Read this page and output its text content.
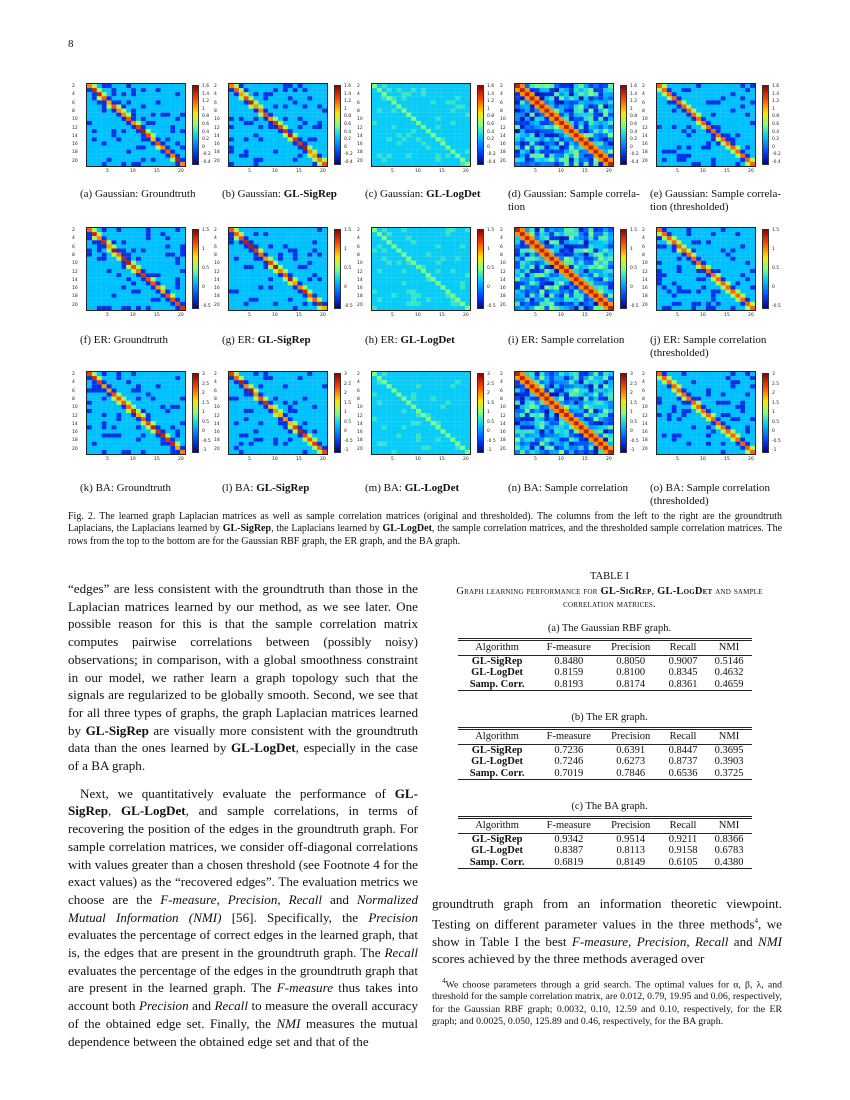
8
2
4
6
8
10
12
14
16
18
20
5	10	15	20
1.6
1.4
1.2
1
0.8
0.6
0.4
0.2
0
-0.2
-0.4
(a) Gaussian: Groundtruth
2
4
6
8
10
12
14
16
18
20
5	10	15	20
1.6
1.4
1.2
1
0.8
0.6
0.4
0.2
0
-0.2
-0.4
(b) Gaussian: GL-SigRep
2
4
6
8
10
12
14
16
18
20
5	10	15	20
1.6
1.4
1.2
1
0.8
0.6
0.4
0.2
0
-0.2
-0.4
(c) Gaussian: GL-LogDet
2
4
6
8
10
12
14
16
18
20
5	10	15	20
1.6
1.4
1.2
1
0.8
0.6
0.4
0.2
0
-0.2
-0.4
(d) Gaussian: Sample correla- tion
2
4
6
8
10
12
14
16
18
20
5	10	15	20
1.6
1.4
1.2
1
0.8
0.6
0.4
0.2
0
-0.2
-0.4
(e) Gaussian: Sample correla- tion (thresholded)
2
4
6
8
10
12
14
16
18
20
5	10	15	20
1.5
1
0.5
0
-0.5
(f) ER: Groundtruth
2
4
6
8
10
12
14
16
18
20
5	10	15	20
1.5
1
0.5
0
-0.5
(g) ER: GL-SigRep
2
4
6
8
10
12
14
16
18
20
5	10	15	20
1.5
1
0.5
0
-0.5
(h) ER: GL-LogDet
2
4
6
8
10
12
14
16
18
20
5	10	15	20
1.5
1
0.5
0
-0.5
(i) ER: Sample correlation
2
4
6
8
10
12
14
16
18
20
5	10	15	20
1.5
1
0.5
0
-0.5
(j) ER: Sample correlation (thresholded)
2
4
6
8
10
12
14
16
18
20
5	10	15	20
3
2.5
2
1.5
1
0.5
0
-0.5
-1
(k) BA: Groundtruth
2
4
6
8
10
12
14
16
18
20
5	10	15	20
3
2.5
2
1.5
1
0.5
0
-0.5
-1
(l) BA: GL-SigRep
2
4
6
8
10
12
14
16
18
20
5	10	15	20
3
2.5
2
1.5
1
0.5
0
-0.5
-1
(m) BA: GL-LogDet
2
4
6
8
10
12
14
16
18
20
5	10	15	20
3
2.5
2
1.5
1
0.5
0
-0.5
-1
(n) BA: Sample correlation
2
4
6
8
10
12
14
16
18
20
5	10	15	20
3
2.5
2
1.5
1
0.5
0
-0.5
-1
(o) BA: Sample correlation (thresholded)
Fig. 2. The learned graph Laplacian matrices as well as sample correlation matrices (original and thresholded). The columns from the left to the right are the groundtruth Laplacians, the Laplacians learned by GL-SigRep, the Laplacians learned by GL-LogDet, the sample correlation matrices, and the thresholded sample correlation matrices. The rows from the top to the bottom are for the Gaussian RBF graph, the ER graph, and the BA graph.

“edges” are less consistent with the groundtruth than those in the Laplacian matrices learned by our method, as we see later. One possible reason for this is that the sample correlation matrix computes pairwise correlations between (possibly noisy) observations; in comparison, with a global smoothness constraint in our model, we rather learn a graph topology such that the signals are regularized to be globally smooth. Second, we see that for all three types of graphs, the graph Laplacian matrices learned by GL-SigRep are visually more consistent with the groundtruth data than the ones learned by GL-LogDet, especially in the case of a BA graph.

Next, we quantitatively evaluate the performance of GL-SigRep, GL-LogDet, and sample correlations, in terms of recovering the position of the edges in the groundtruth graph. For sample correlation matrices, we consider off-diagonal correlations with values greater than a chosen threshold (see Footnote 4 for the exact values) as the “recovered edges”. The evaluation metrics we choose are the F-measure, Precision, Recall and Normalized Mutual Information (NMI) [56]. Specifically, the Precision evaluates the percentage of correct edges in the learned graph, that is, the edges that are present in the groundtruth graph. The Recall evaluates the percentage of the edges in the groundtruth graph that are present in the learned graph. The F-measure thus takes into account both Precision and Recall to measure the overall accuracy of the obtained edge set. Finally, the NMI measures the mutual dependence between the obtained edge set and that of the

TABLE I
Graph learning performance for GL-SigRep, GL-LogDet and sample correlation matrices.
(a) The Gaussian RBF graph.
Algorithm	F-measure	Precision	Recall	NMI
GL-SigRep	0.8480	0.8050	0.9007	0.5146
GL-LogDet	0.8159	0.8100	0.8345	0.4632
Samp. Corr.	0.8193	0.8174	0.8361	0.4659
(b) The ER graph.
Algorithm	F-measure	Precision	Recall	NMI
GL-SigRep	0.7236	0.6391	0.8447	0.3695
GL-LogDet	0.7246	0.6273	0.8737	0.3903
Samp. Corr.	0.7019	0.7846	0.6536	0.3725
(c) The BA graph.
Algorithm	F-measure	Precision	Recall	NMI
GL-SigRep	0.9342	0.9514	0.9211	0.8366
GL-LogDet	0.8387	0.8113	0.9158	0.6783
Samp. Corr.	0.6819	0.8149	0.6105	0.4380

groundtruth graph from an information theoretic viewpoint. Testing on different parameter values in the three methods$^4$, we show in Table I the best F-measure, Precision, Recall and NMI scores achieved by the three methods averaged over

$^4$We choose parameters through a grid search. The optimal values for α, β, λ, and threshold for the sample correlation matrix, are 0.012, 0.79, 19.95 and 0.06, respectively, for the Gaussian RBF graph; 0.0032, 0.10, 12.59 and 0.10, respectively, for the ER graph; and 0.0025, 0.050, 125.89 and 0.46, respectively, for the BA graph.
